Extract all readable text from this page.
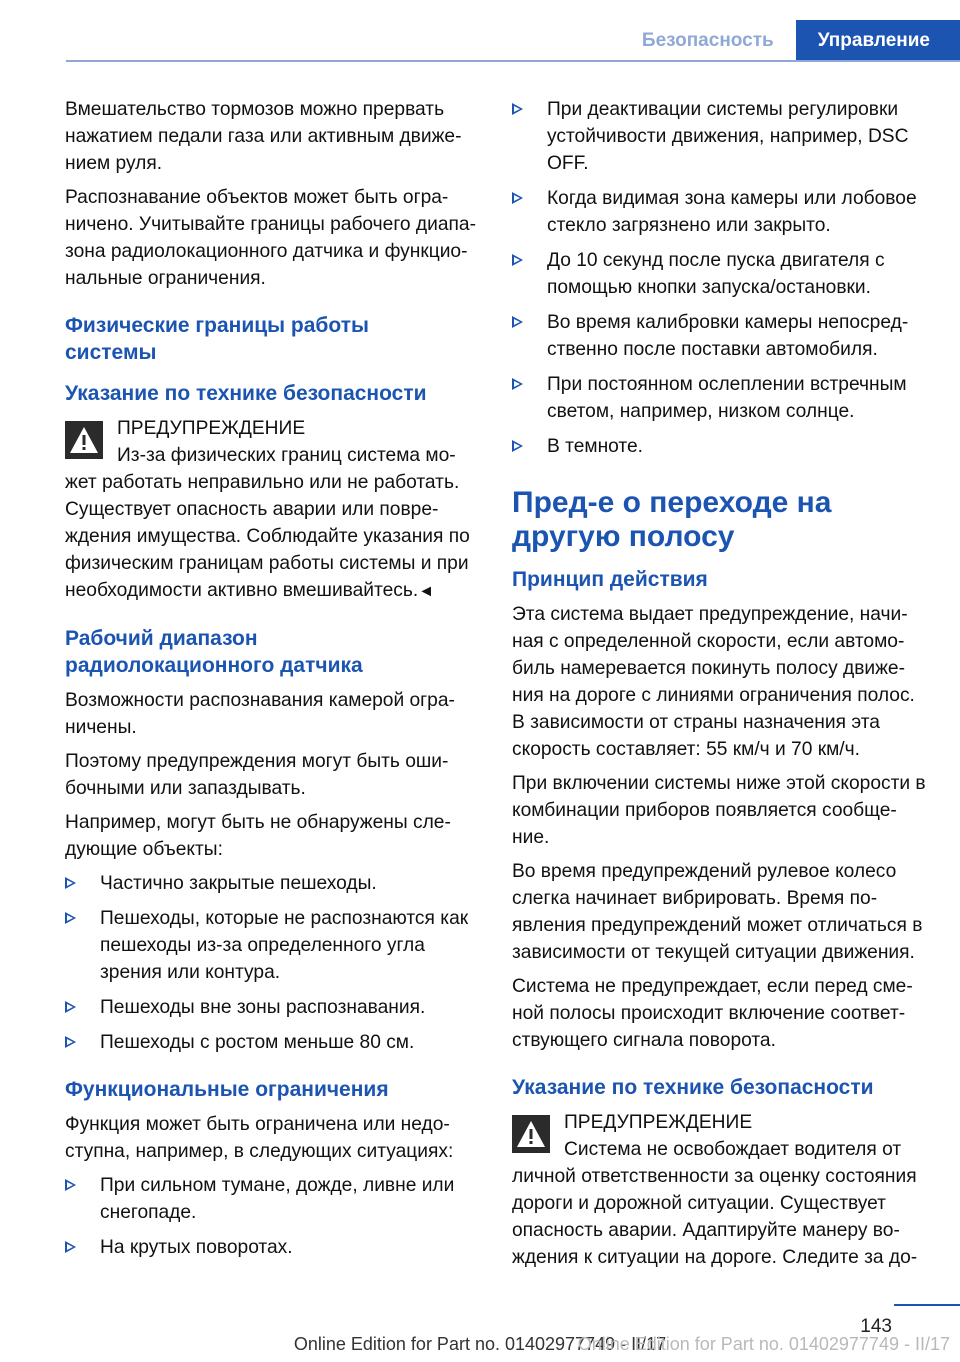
Безопасность	Управление

Вмешательство тормозов можно прервать нажатием педали газа или активным движением руля.

Распознавание объектов может быть ограничено. Учитывайте границы рабочего диапазона радиолокационного датчика и функциональные ограничения.

Физические границы работы
системы
Указание по технике безопасности
ПРЕДУПРЕЖДЕНИЕ
Из-за физических границ система может работать неправильно или не работать. Существует опасность аварии или повреждения имущества. Соблюдайте указания по физическим границам работы системы и при необходимости активно вмешивайтесь.◄
Рабочий диапазон
радиолокационного датчика

Возможности распознавания камерой ограничены.

Поэтому предупреждения могут быть ошибочными или запаздывать.

Например, могут быть не обнаружены следующие объекты:

Частично закрытые пешеходы.
Пешеходы, которые не распознаются как пешеходы из-за определенного угла зрения или контура.
Пешеходы вне зоны распознавания.
Пешеходы с ростом меньше 80 см.
Функциональные ограничения

Функция может быть ограничена или недоступна, например, в следующих ситуациях:

При сильном тумане, дожде, ливне или снегопаде.
На крутых поворотах.
При деактивации системы регулировки устойчивости движения, например, DSC OFF.
Когда видимая зона камеры или лобовое стекло загрязнено или закрыто.
До 10 секунд после пуска двигателя с помощью кнопки запуска/остановки.
Во время калибровки камеры непосредственно после поставки автомобиля.
При постоянном ослеплении встречным светом, например, низком солнце.
В темноте.
Пред-е о переходе на
другую полосу
Принцип действия

Эта система выдает предупреждение, начиная с определенной скорости, если автомобиль намеревается покинуть полосу движения на дороге с линиями ограничения полос. В зависимости от страны назначения эта скорость составляет: 55 км/ч и 70 км/ч.

При включении системы ниже этой скорости в комбинации приборов появляется сообщение.

Во время предупреждений рулевое колесо слегка начинает вибрировать. Время появления предупреждений может отличаться в зависимости от текущей ситуации движения.

Система не предупреждает, если перед сменой полосы происходит включение соответствующего сигнала поворота.

Указание по технике безопасности
ПРЕДУПРЕЖДЕНИЕ
Система не освобождает водителя от личной ответственности за оценку состояния дороги и дорожной ситуации. Существует опасность аварии. Адаптируйте манеру вождения к ситуации на дороге. Следите за до-
143
Online Edition for Part no. 01402977749 - II/17
Online Edition for Part no. 01402977749 - II/17
